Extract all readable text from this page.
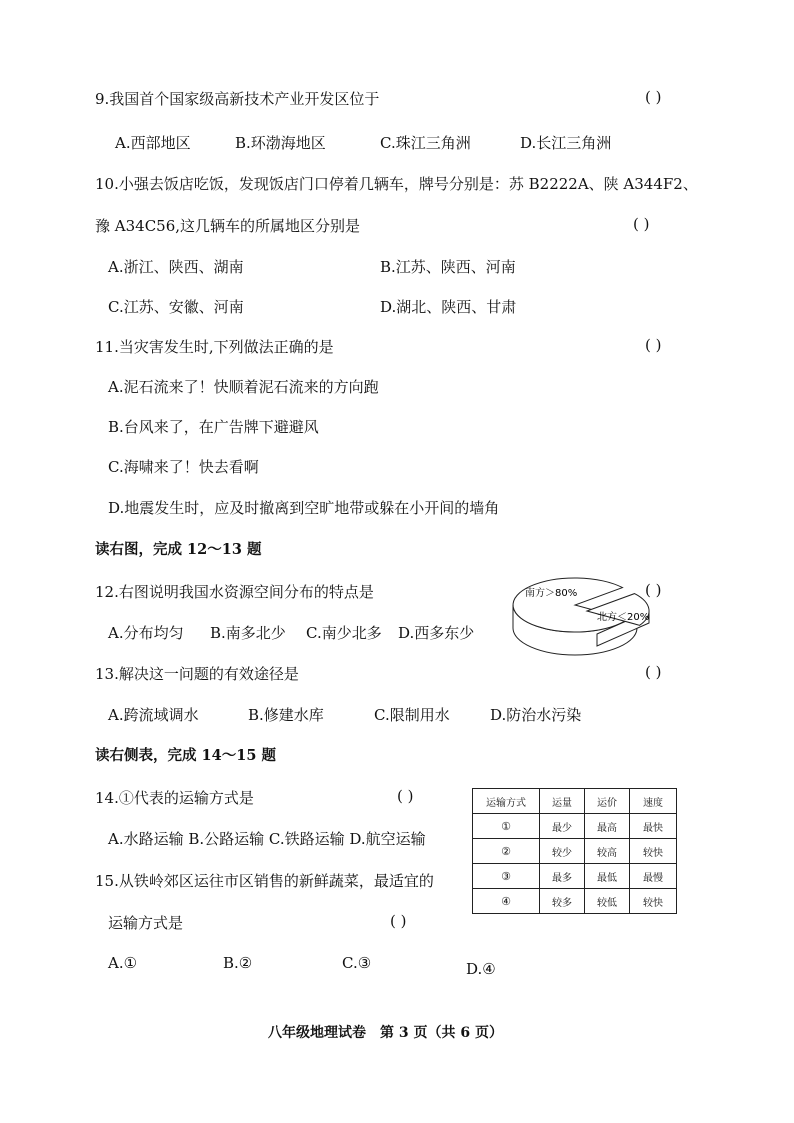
9.我国首个国家级高新技术产业开发区位于	( )
A.西部地区	B.环渤海地区	C.珠江三角洲	D.长江三角洲
10.小强去饭店吃饭，发现饭店门口停着几辆车，牌号分别是：苏 B2222A、陕 A344F2、
豫 A34C56,这几辆车的所属地区分别是	( )
A.浙江、陕西、湖南	B.江苏、陕西、河南
C.江苏、安徽、河南	D.湖北、陕西、甘肃
11.当灾害发生时,下列做法正确的是	( )
A.泥石流来了！快顺着泥石流来的方向跑
B.台风来了，在广告牌下避避风
C.海啸来了！快去看啊
D.地震发生时，应及时撤离到空旷地带或躲在小开间的墙角
读右图，完成 12～13 题
12.右图说明我国水资源空间分布的特点是	( )
A.分布均匀 B.南多北少 C.南少北多 D.西多东少
南方＞80%
北方＜20%
13.解决这一问题的有效途径是	( )
A.跨流域调水	B.修建水库	C.限制用水	D.防治水污染
读右侧表，完成 14～15 题
14.①代表的运输方式是	( )
A.水路运输 B.公路运输 C.铁路运输 D.航空运输
15.从铁岭郊区运往市区销售的新鲜蔬菜，最适宜的
运输方式是	( )
A.①	B.②	C.③	D.④
运输方式	运量	运价	速度
①	最少	最高	最快
②	较少	较高	较快
③	最多	最低	最慢
④	较多	较低	较快
八年级地理试卷　第 3 页（共 6 页）
